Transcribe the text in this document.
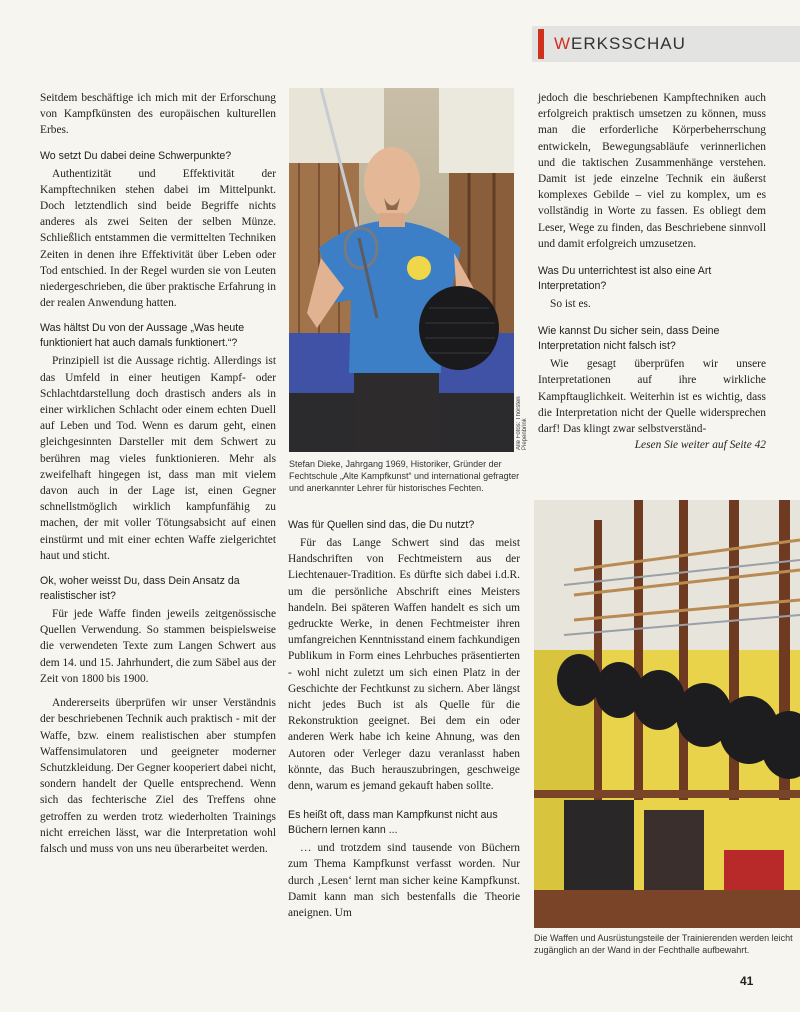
WERKSSCHAU

Seitdem beschäftige ich mich mit der Erforschung von Kampfkünsten des europäischen kulturellen Erbes.

Wo setzt Du dabei deine Schwerpunkte?

Authentizität und Effektivität der Kampftechniken stehen dabei im Mittelpunkt. Doch letztendlich sind beide Begriffe nichts anderes als zwei Seiten der selben Münze. Schließlich entstammen die vermittelten Techniken Zeiten in denen ihre Effektivität über Leben oder Tod entschied. In der Regel wurden sie von Leuten niedergeschrieben, die über praktische Erfahrung in der realen Anwendung hatten.

Was hältst Du von der Aussage „Was heute funktioniert hat auch damals funktionert.“?

Prinzipiell ist die Aussage richtig. Allerdings ist das Umfeld in einer heutigen Kampf- oder Schlachtdarstellung doch drastisch anders als in einer wirklichen Schlacht oder einem echten Duell auf Leben und Tod. Wenn es darum geht, einen gleichgesinnten Darsteller mit dem Schwert zu berühren mag vieles funktionieren. Mehr als zweifelhaft hingegen ist, dass man mit vielem davon auch in der Lage ist, einen Gegner schnellstmöglich wirklich kampfunfähig zu machen, der mit voller Tötungsabsicht auf einen einstürmt und mit einer echten Waffe zielgerichtet haut und sticht.

Ok, woher weisst Du, dass Dein Ansatz da realistischer ist?

Für jede Waffe finden jeweils zeitgenössische Quellen Verwendung. So stammen beispielsweise die verwendeten Texte zum Langen Schwert aus dem 14. und 15. Jahrhundert, die zum Säbel aus der Zeit von 1800 bis 1900.

Andererseits überprüfen wir unser Verständnis der beschriebenen Technik auch praktisch - mit der Waffe, bzw. einem realistischen aber stumpfen Waffensimulatoren und geeigneter moderner Schutzkleidung. Der Gegner kooperiert dabei nicht, sondern handelt der Quelle entsprechend. Wenn sich das fechterische Ziel des Treffens ohne getroffen zu werden trotz wiederholten Trainings nicht erreichen lässt, war die Interpretation wohl falsch und muss von uns neu überarbeitet werden.

Alle Fotos: Thorsten Piepenbrink
Stefan Dieke, Jahrgang 1969, Historiker, Gründer der Fechtschule „Alte Kampfkunst“ und international gefragter und anerkannter Lehrer für historisches Fechten.
Was für Quellen sind das, die Du nutzt?

Für das Lange Schwert sind das meist Handschriften von Fechtmeistern aus der Liechtenauer-Tradition. Es dürfte sich dabei i.d.R. um die persönliche Abschrift eines Meisters handeln. Bei späteren Waffen handelt es sich um gedruckte Werke, in denen Fechtmeister ihren umfangreichen Kenntnisstand einem fachkundigen Publikum in Form eines Lehrbuches präsentierten - wohl nicht zuletzt um sich einen Platz in der Geschichte der Fechtkunst zu sichern. Aber längst nicht jedes Buch ist als Quelle für die Rekonstruktion geeignet. Bei dem ein oder anderen Werk habe ich keine Ahnung, was den Autoren oder Verleger dazu veranlasst haben könnte, das Buch herauszubringen, geschweige denn, warum es jemand gekauft haben sollte.

Es heißt oft, dass man Kampfkunst nicht aus Büchern lernen kann ...

… und trotzdem sind tausende von Büchern zum Thema Kampfkunst verfasst worden. Nur durch ‚Lesen‘ lernt man sicher keine Kampfkunst. Damit kann man sich bestenfalls die Theorie aneignen. Um

jedoch die beschriebenen Kampftechniken auch erfolgreich praktisch umsetzen zu können, muss man die erforderliche Körperbeherrschung entwickeln, Bewegungsabläufe verinnerlichen und die taktischen Zusammenhänge verstehen. Damit ist jede einzelne Technik ein äußerst komplexes Gebilde – viel zu komplex, um es vollständig in Worte zu fassen. Es obliegt dem Leser, Wege zu finden, das Beschriebene sinnvoll und damit erfolgreich umzusetzen.

Was Du unterrichtest ist also eine Art Interpretation?

So ist es.

Wie kannst Du sicher sein, dass Deine Interpretation nicht falsch ist?

Wie gesagt überprüfen wir unsere Interpretationen auf ihre wirkliche Kampftauglichkeit. Weiterhin ist es wichtig, dass die Interpretation nicht der Quelle widersprechen darf! Das klingt zwar selbstverständ-

Lesen Sie weiter auf Seite 42

Die Waffen und Ausrüstungsteile der Trainierenden werden leicht zugänglich an der Wand in der Fechthalle aufbewahrt.
41
